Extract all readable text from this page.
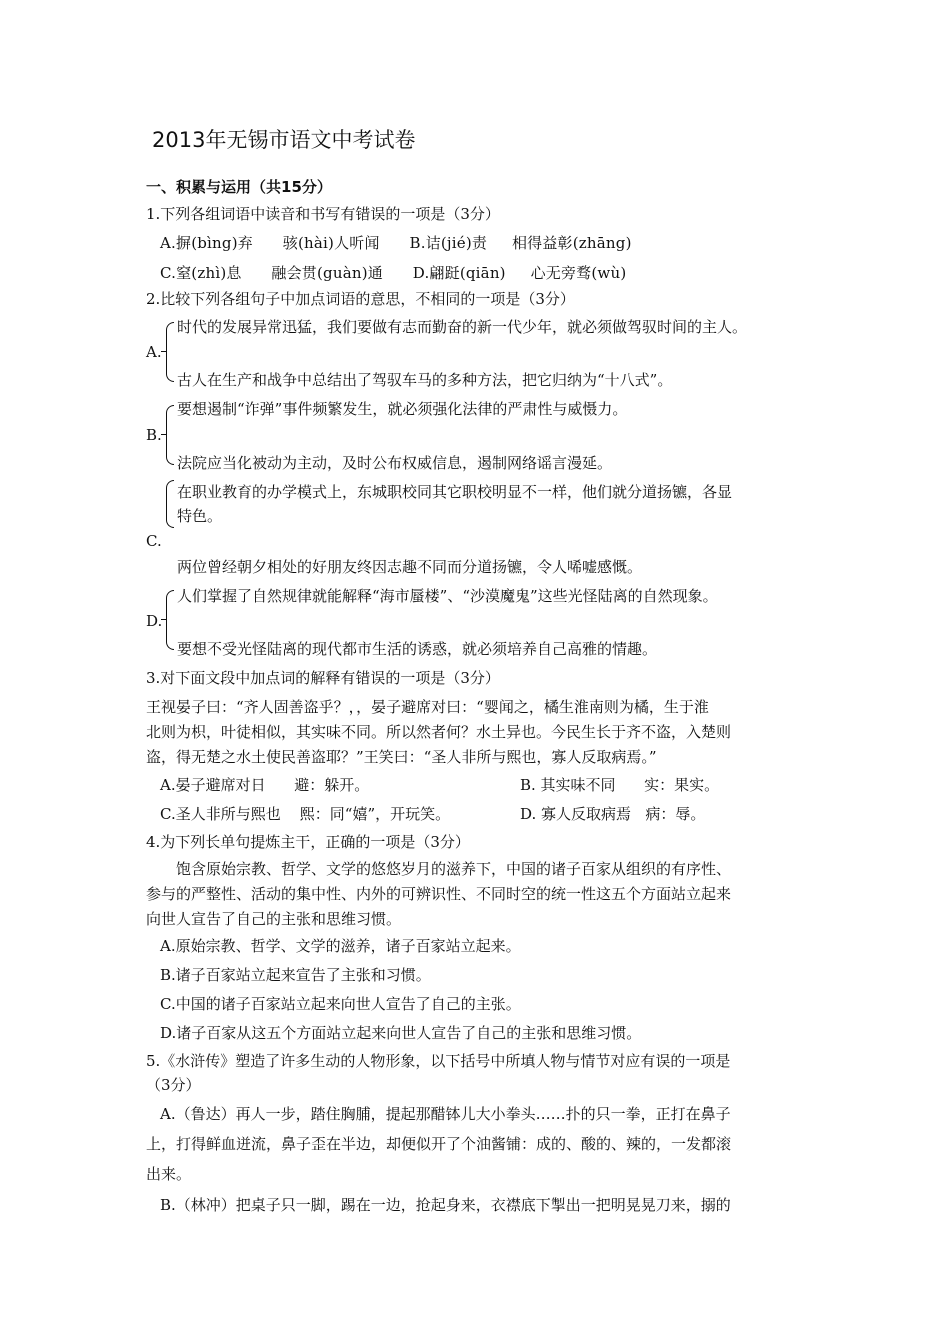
2013年无锡市语文中考试卷
一、积累与运用（共15分）
1.下列各组词语中读音和书写有错误的一项是（3分）
A.摒(bìng)弃      骇(hài)人听闻      B.诘(jié)责     相得益彰(zhāng)
C.窒(zhì)息      融会贯(guàn)通      D.翩跹(qiān)     心无旁骛(wù)
2.比较下列各组句子中加点词语的意思，不相同的一项是（3分）
A.
时代的发展异常迅猛，我们要做有志而勤奋的新一代少年，就必须做驾驭时间的主人。
古人在生产和战争中总结出了驾驭车马的多种方法，把它归纳为“十八式”。
B.
要想遏制“诈弹”事件频繁发生，就必须强化法律的严肃性与威慑力。
法院应当化被动为主动，及时公布权威信息，遏制网络谣言漫延。
C.
在职业教育的办学模式上，东城职校同其它职校明显不一样，他们就分道扬镳，各显
特色。
两位曾经朝夕相处的好朋友终因志趣不同而分道扬镳，令人唏嘘感慨。
D.
人们掌握了自然规律就能解释“海市蜃楼”、“沙漠魔鬼”这些光怪陆离的自然现象。
要想不受光怪陆离的现代都市生活的诱惑，就必须培养自己高雅的情趣。
3.对下面文段中加点词的解释有错误的一项是（3分）
王视晏子曰：“齐人固善盗乎？，，晏子避席对曰：“婴闻之，橘生淮南则为橘，生于淮
北则为枳，叶徒相似，其实味不同。所以然者何？水土异也。今民生长于齐不盗，入楚则
盗，得无楚之水土使民善盗耶？”王笑曰：“圣人非所与熙也，寡人反取病焉。”
A.晏子避席对日      避：躲开。	B. 其实味不同      实：果实。
C.圣人非所与熙也    熙：同“嬉”，开玩笑。	D. 寡人反取病焉   病：辱。
4.为下列长单句提炼主干，正确的一项是（3分）
饱含原始宗教、哲学、文学的悠悠岁月的滋养下，中国的诸子百家从组织的有序性、
参与的严整性、活动的集中性、内外的可辨识性、不同时空的统一性这五个方面站立起来
向世人宣告了自己的主张和思维习惯。
A.原始宗教、哲学、文学的滋养，诸子百家站立起来。
B.诸子百家站立起来宣告了主张和习惯。
C.中国的诸子百家站立起来向世人宣告了自己的主张。
D.诸子百家从这五个方面站立起来向世人宣告了自己的主张和思维习惯。
5.《水浒传》塑造了许多生动的人物形象，以下括号中所填人物与情节对应有误的一项是
（3分）
A.（鲁达）再人一步，踏住胸脯，提起那醋钵儿大小拳头……扑的只一拳，正打在鼻子
上，打得鲜血迸流，鼻子歪在半边，却便似开了个油酱铺：成的、酸的、辣的，一发都滚
出来。
B.（林冲）把桌子只一脚，踢在一边，抢起身来，衣襟底下掣出一把明晃晃刀来，搦的
